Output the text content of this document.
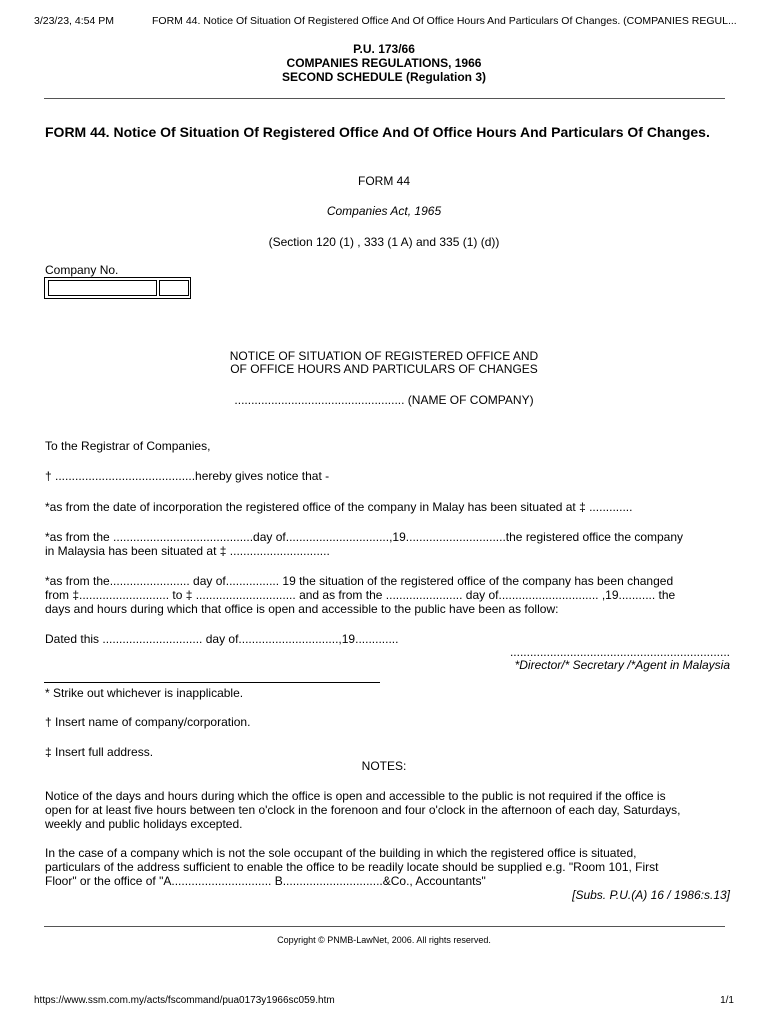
3/23/23, 4:54 PM	FORM 44. Notice Of Situation Of Registered Office And Of Office Hours And Particulars Of Changes. (COMPANIES REGUL...
P.U. 173/66
COMPANIES REGULATIONS, 1966
SECOND SCHEDULE (Regulation 3)
FORM 44. Notice Of Situation Of Registered Office And Of Office Hours And Particulars Of Changes.
FORM 44
Companies Act, 1965
(Section 120 (1) , 333 (1 A) and 335 (1) (d))
Company No.
NOTICE OF SITUATION OF REGISTERED OFFICE AND
OF OFFICE HOURS AND PARTICULARS OF CHANGES
................................................... (NAME OF COMPANY)
To the Registrar of Companies,
† ..........................................hereby gives notice that -
*as from the date of incorporation the registered office of the company in Malay has been situated at ‡ .............
*as from the ..........................................day of...............................,19..............................the registered office the company
in Malaysia has been situated at ‡ ..............................
*as from the........................ day of................ 19 the situation of the registered office of the company has been changed
from ‡........................... to ‡ .............................. and as from the ....................... day of.............................. ,19........... the
days and hours during which that office is open and accessible to the public have been as follow:
Dated this .............................. day of..............................,19.............
..................................................................
*Director/* Secretary /*Agent in Malaysia
* Strike out whichever is inapplicable.
† Insert name of company/corporation.
‡ Insert full address.
NOTES:
Notice of the days and hours during which the office is open and accessible to the public is not required if the office is
open for at least five hours between ten o'clock in the forenoon and four o'clock in the afternoon of each day, Saturdays,
weekly and public holidays excepted.
In the case of a company which is not the sole occupant of the building in which the registered office is situated,
particulars of the address sufficient to enable the office to be readily locate should be supplied e.g. "Room 101, First
Floor" or the office of "A.............................. B..............................&Co., Accountants"
[Subs. P.U.(A) 16 / 1986:s.13]
Copyright © PNMB-LawNet, 2006. All rights reserved.
https://www.ssm.com.my/acts/fscommand/pua0173y1966sc059.htm	1/1
